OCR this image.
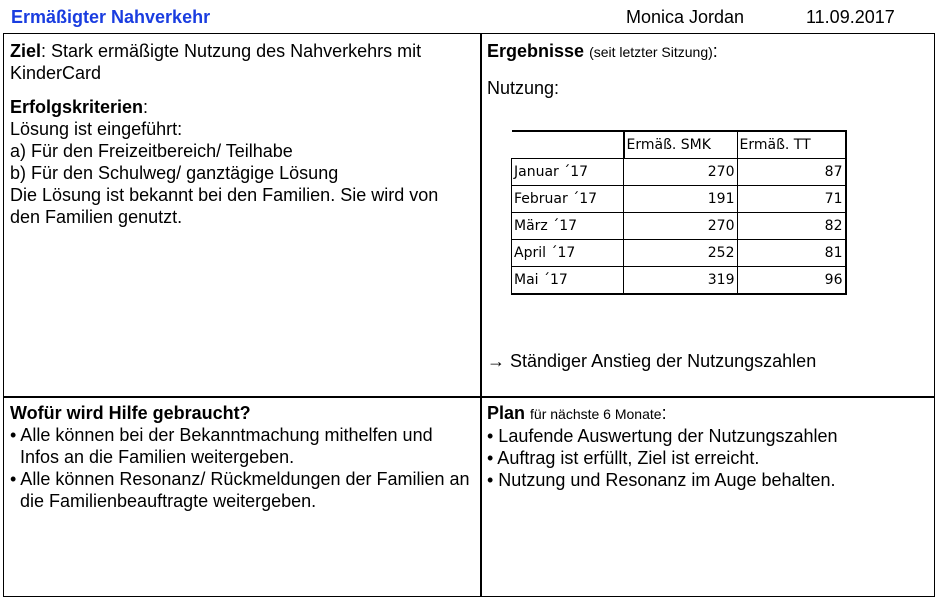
Ermäßigter Nahverkehr	Monica Jordan	11.09.2017
Ziel: Stark ermäßigte Nutzung des Nahverkehrs mit KinderCard
Erfolgskriterien:
Lösung ist eingeführt:
a) Für den Freizeitbereich/ Teilhabe
b) Für den Schulweg/ ganztägige Lösung
Die Lösung ist bekannt bei den Familien. Sie wird von den Familien genutzt.
Ergebnisse (seit letzter Sitzung):
Nutzung:
	Ermäß. SMK	Ermäß. TT
Januar ´17	270	87
Februar ´17	191	71
März ´17	270	82
April ´17	252	81
Mai ´17	319	96
→ Ständiger Anstieg der Nutzungszahlen
Wofür wird Hilfe gebraucht?
• Alle können bei der Bekanntmachung mithelfen und Infos an die Familien weitergeben.
• Alle können Resonanz/ Rückmeldungen der Familien an die Familienbeauftragte weitergeben.
Plan für nächste 6 Monate:
• Laufende Auswertung der Nutzungszahlen
• Auftrag ist erfüllt, Ziel ist erreicht.
• Nutzung und Resonanz im Auge behalten.
